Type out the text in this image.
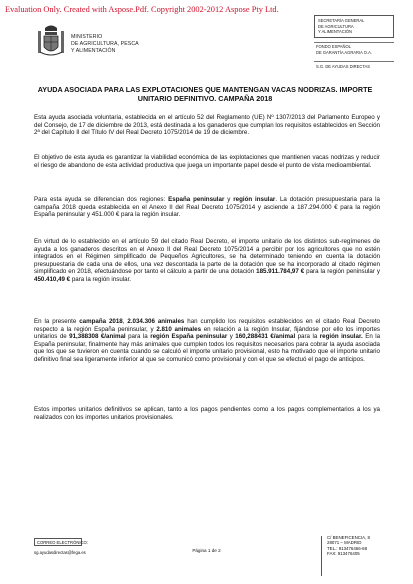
Evaluation Only. Created with Aspose.Pdf. Copyright 2002-2012 Aspose Pty Ltd.
MINISTERIO
DE AGRICULTURA, PESCA
Y ALIMENTACIÓN
SECRETARÍA GENERAL
DE AGRICULTURA
Y ALIMENTACIÓN
FONDO ESPAÑOL
DE GARANTÍA AGRARIA O.A.
S.G. DE AYUDAS DIRECTAS
AYUDA ASOCIADA PARA LAS EXPLOTACIONES QUE MANTENGAN VACAS NODRIZAS. IMPORTE UNITARIO DEFINITIVO. CAMPAÑA 2018
Esta ayuda asociada voluntaria, establecida en el artículo 52 del Reglamento (UE) Nº 1307/2013 del Parlamento Europeo y del Consejo, de 17 de diciembre de 2013, está destinada a los ganaderos que cumplan los requisitos establecidos en Sección 2ª del Capítulo II del Título IV del Real Decreto 1075/2014 de 19 de diciembre.
El objetivo de esta ayuda es garantizar la viabilidad económica de las explotaciones que mantienen vacas nodrizas y reducir el riesgo de abandono de esta actividad productiva que juega un importante papel desde el punto de vista medioambiental.
Para esta ayuda se diferencian dos regiones: España peninsular y región insular. La dotación presupuestaria para la campaña 2018 queda establecida en el Anexo II del Real Decreto 1075/2014 y asciende a 187.294.000 € para la región España peninsular y 451.000 € para la región insular.
En virtud de lo establecido en el artículo 59 del citado Real Decreto, el importe unitario de los distintos sub-regímenes de ayuda a los ganaderos descritos en el Anexo II del Real Decreto 1075/2014 a percibir por los agricultores que no estén integrados en el Régimen simplificado de Pequeños Agricultores, se ha determinado teniendo en cuenta la dotación presupuestaria de cada una de ellos, una vez descontada la parte de la dotación que se ha incorporado al citado régimen simplificado en 2018, efectuándose por tanto el cálculo a partir de una dotación 185.911.784,97 € para la región peninsular y 450.410,49 € para la región insular.
En la presente campaña 2018, 2.034.306 animales han cumplido los requisitos establecidos en el citado Real Decreto respecto a la región España peninsular, y 2.810 animales en relación a la región Insular, fijándose por ello los importes unitarios de 91,388308 €/animal para la región España peninsular y 160,288431 €/animal para la región insular. En la España peninsular, finalmente hay más animales que cumplen todos los requisitos necesarios para cobrar la ayuda asociada que los que se tuvieron en cuenta cuando se calculó el importe unitario provisional, esto ha motivado que el importe unitario definitivo final sea ligeramente inferior al que se comunicó como provisional y con el que se efectuó el pago de anticipos.
Estos importes unitarios definitivos se aplican, tanto a los pagos pendientes como a los pagos complementarios a los ya realizados con los importes unitarios provisionales.
CORREO ELECTRÓNICO:
sg.ayudasdirectas@fega.es	Página 1 de 2
C/ BENEFICENCIA, 8
28071 – MADRID
TEL.: 913476466-68
FAX: 913476405
